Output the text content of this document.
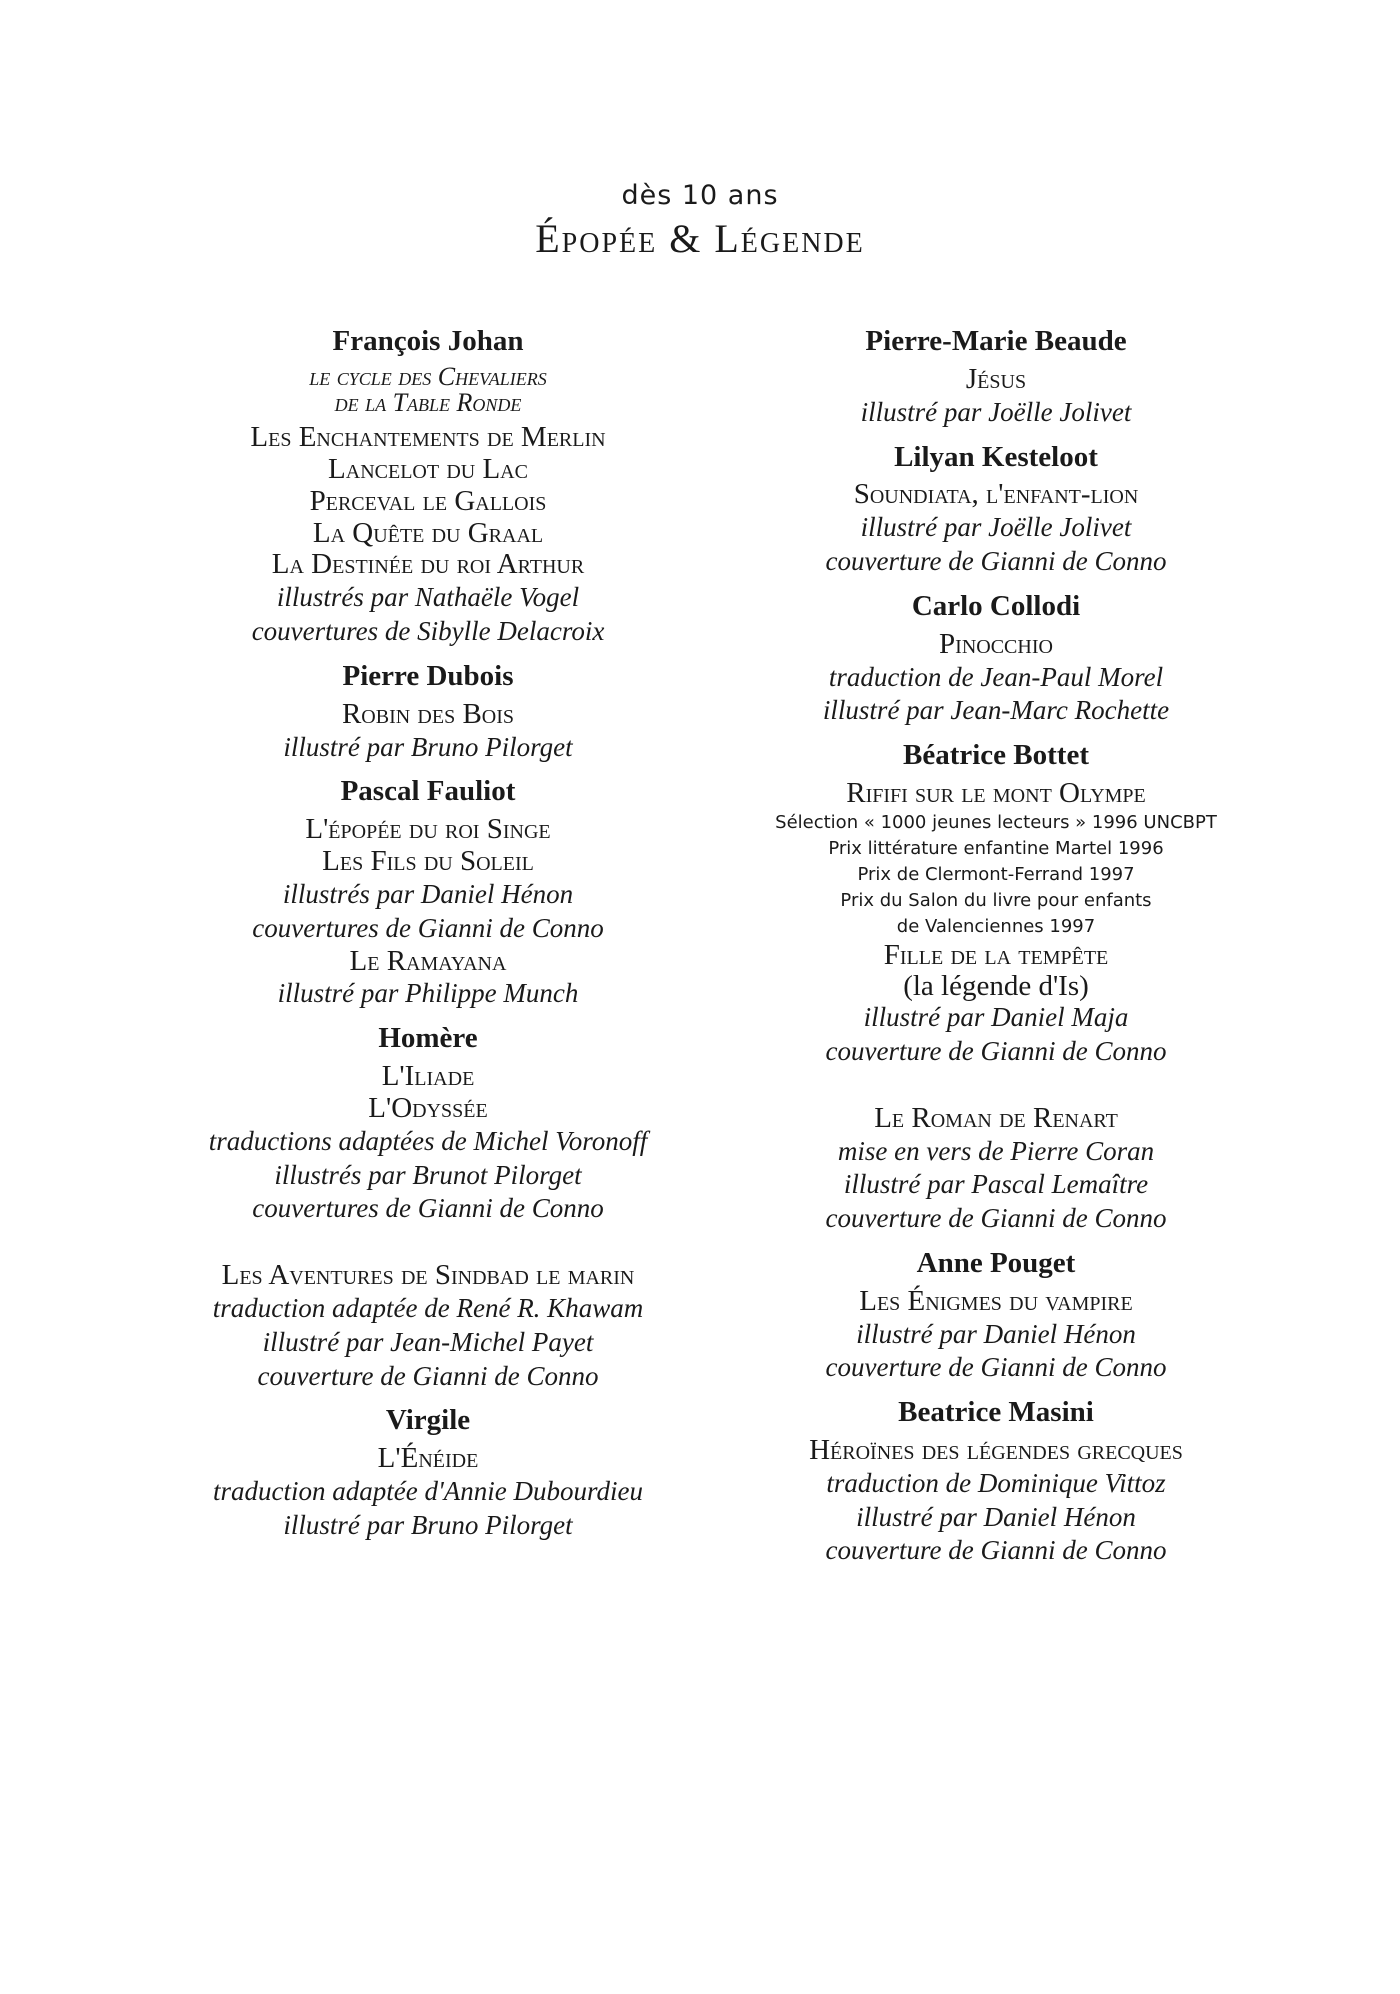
dès 10 ans

Épopée & Légende
François Johan
le cycle des Chevaliers
de la Table Ronde
Les Enchantements de Merlin
Lancelot du Lac
Perceval le Gallois
La Quête du Graal
La Destinée du roi Arthur
illustrés par Nathaële Vogel
couvertures de Sibylle Delacroix
Pierre Dubois
Robin des Bois
illustré par Bruno Pilorget
Pascal Fauliot
L'épopée du roi Singe
Les Fils du Soleil
illustrés par Daniel Hénon
couvertures de Gianni de Conno
Le Ramayana
illustré par Philippe Munch
Homère
L'Iliade
L'Odyssée
traductions adaptées de Michel Voronoff
illustrés par Brunot Pilorget
couvertures de Gianni de Conno
Les Aventures de Sindbad le marin
traduction adaptée de René R. Khawam
illustré par Jean-Michel Payet
couverture de Gianni de Conno
Virgile
L'Énéide
traduction adaptée d'Annie Dubourdieu
illustré par Bruno Pilorget
Pierre-Marie Beaude
Jésus
illustré par Joëlle Jolivet
Lilyan Kesteloot
Soundiata, l'enfant-lion
illustré par Joëlle Jolivet
couverture de Gianni de Conno
Carlo Collodi
Pinocchio
traduction de Jean-Paul Morel
illustré par Jean-Marc Rochette
Béatrice Bottet
Rififi sur le mont Olympe
Sélection « 1000 jeunes lecteurs » 1996 UNCBPT
Prix littérature enfantine Martel 1996
Prix de Clermont-Ferrand 1997
Prix du Salon du livre pour enfants
de Valenciennes 1997
Fille de la tempête
(la légende d'Is)
illustré par Daniel Maja
couverture de Gianni de Conno
Le Roman de Renart
mise en vers de Pierre Coran
illustré par Pascal Lemaître
couverture de Gianni de Conno
Anne Pouget
Les Énigmes du vampire
illustré par Daniel Hénon
couverture de Gianni de Conno
Beatrice Masini
Héroïnes des légendes grecques
traduction de Dominique Vittoz
illustré par Daniel Hénon
couverture de Gianni de Conno
